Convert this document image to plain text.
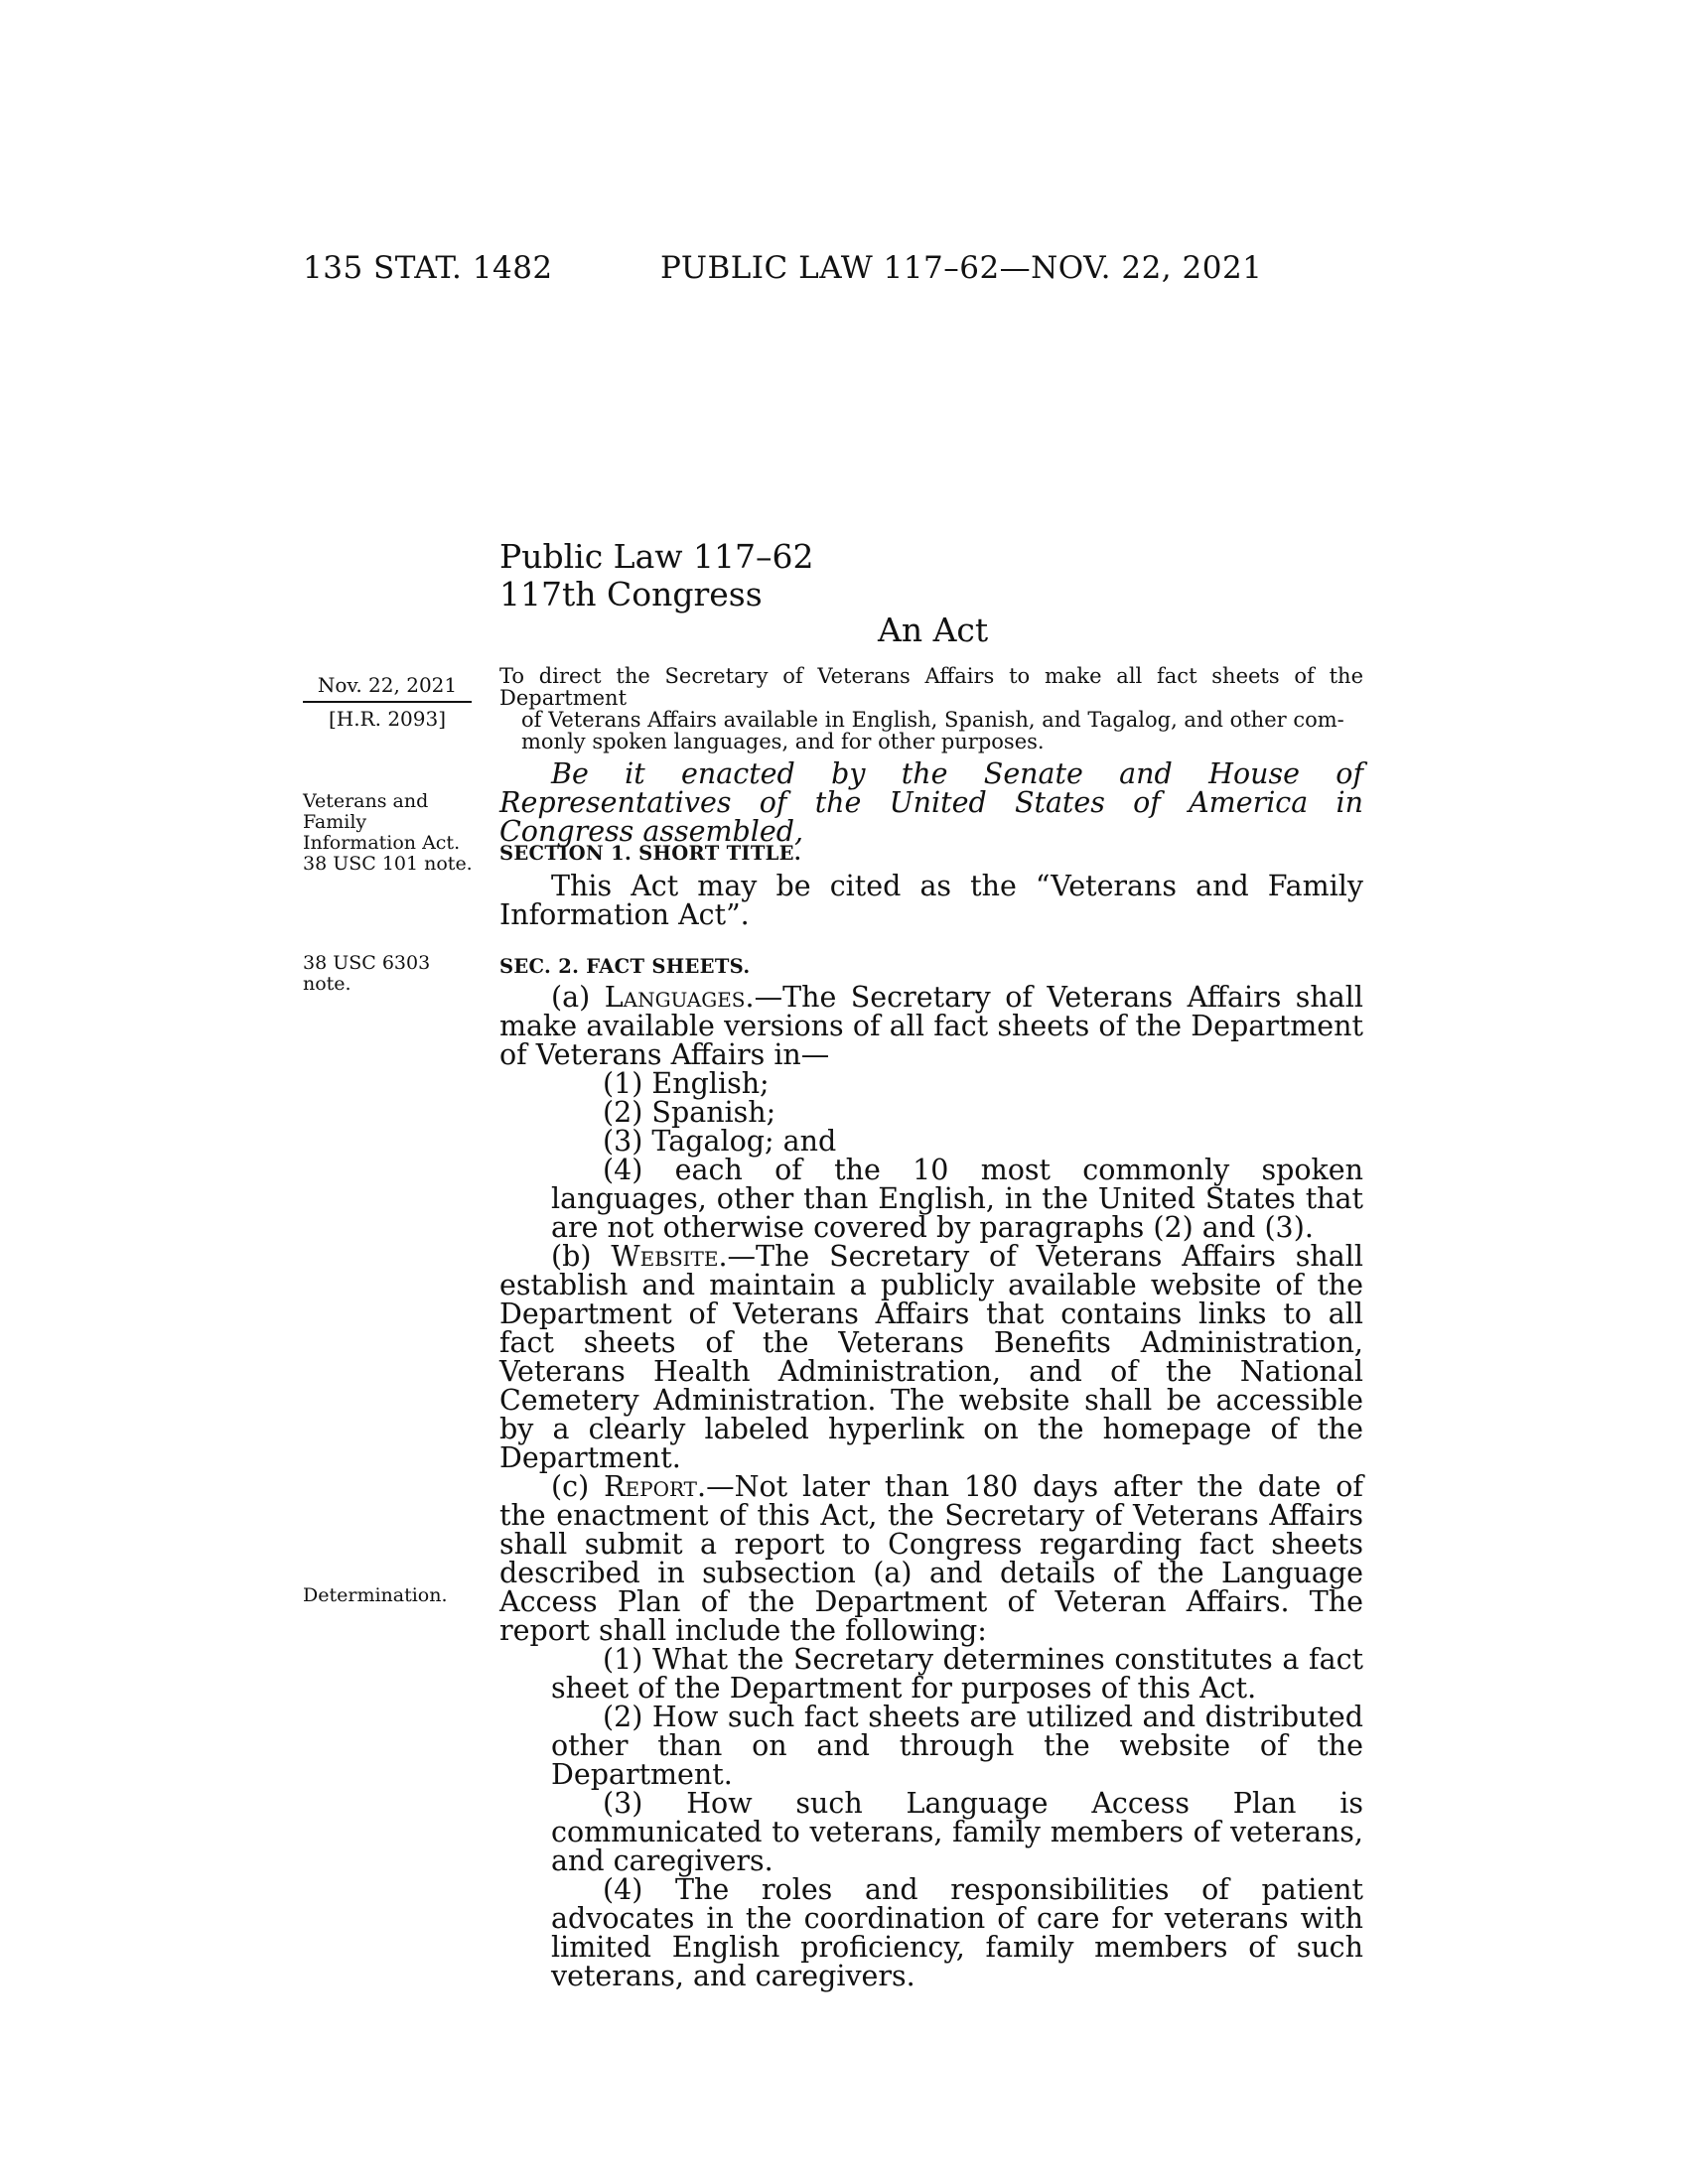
135 STAT. 1482	PUBLIC LAW 117–62—NOV. 22, 2021
Public Law 117–62
117th Congress
An Act
Nov. 22, 2021
[H.R. 2093]
To direct the Secretary of Veterans Affairs to make all fact sheets of the Department
of Veterans Affairs available in English, Spanish, and Tagalog, and other com-
monly spoken languages, and for other purposes.
Veterans and
Family
Information Act.
38 USC 101 note.
38 USC 6303
note.
Determination.

Be it enacted by the Senate and House of Representatives of the United States of America in Congress assembled,

SECTION 1. SHORT TITLE.

This Act may be cited as the “Veterans and Family Information Act”.

SEC. 2. FACT SHEETS.

(a) Languages.—The Secretary of Veterans Affairs shall make available versions of all fact sheets of the Department of Veterans Affairs in—

(1) English;

(2) Spanish;

(3) Tagalog; and

(4) each of the 10 most commonly spoken languages, other than English, in the United States that are not otherwise covered by paragraphs (2) and (3).

(b) Website.—The Secretary of Veterans Affairs shall establish and maintain a publicly available website of the Department of Veterans Affairs that contains links to all fact sheets of the Veterans Benefits Administration, Veterans Health Administration, and of the National Cemetery Administration. The website shall be accessible by a clearly labeled hyperlink on the homepage of the Department.

(c) Report.—Not later than 180 days after the date of the enactment of this Act, the Secretary of Veterans Affairs shall submit a report to Congress regarding fact sheets described in subsection (a) and details of the Language Access Plan of the Department of Veteran Affairs. The report shall include the following:

(1) What the Secretary determines constitutes a fact sheet of the Department for purposes of this Act.

(2) How such fact sheets are utilized and distributed other than on and through the website of the Department.

(3) How such Language Access Plan is communicated to veterans, family members of veterans, and caregivers.

(4) The roles and responsibilities of patient advocates in the coordination of care for veterans with limited English proficiency, family members of such veterans, and caregivers.
